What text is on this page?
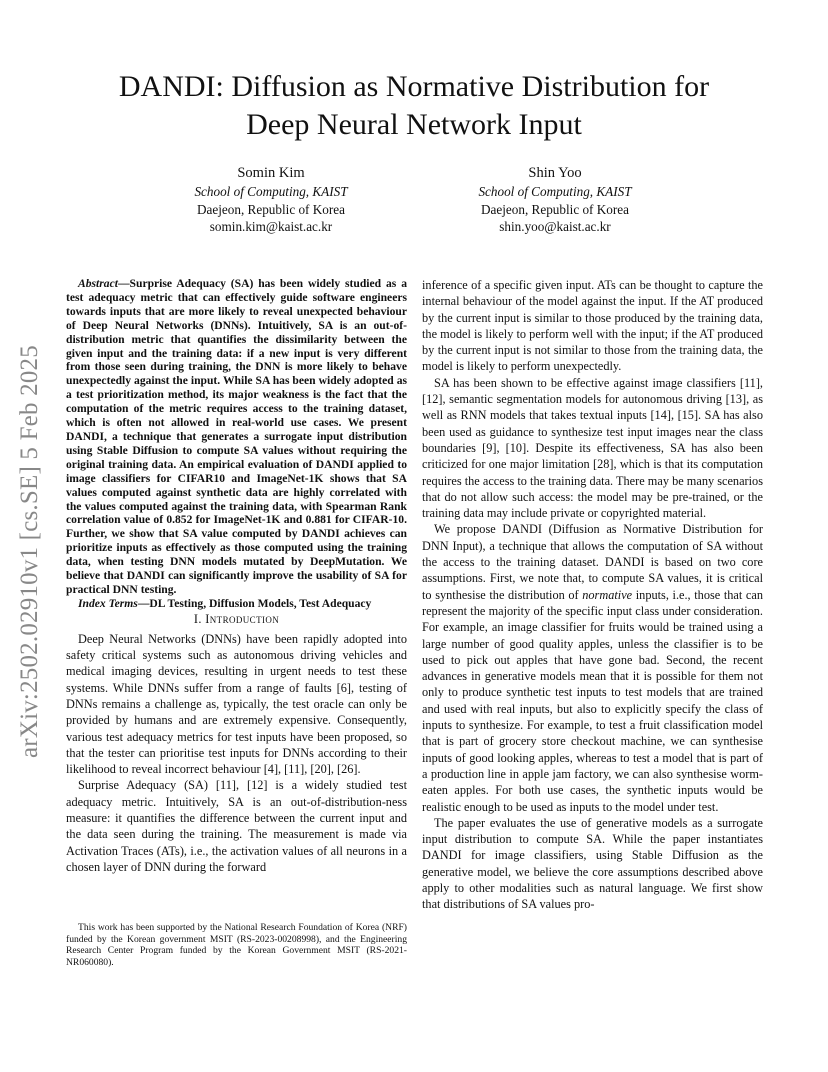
DANDI: Diffusion as Normative Distribution for
Deep Neural Network Input
Somin Kim
School of Computing, KAIST
Daejeon, Republic of Korea
somin.kim@kaist.ac.kr
Shin Yoo
School of Computing, KAIST
Daejeon, Republic of Korea
shin.yoo@kaist.ac.kr
arXiv:2502.02910v1 [cs.SE] 5 Feb 2025

Abstract—Surprise Adequacy (SA) has been widely studied as a test adequacy metric that can effectively guide software engineers towards inputs that are more likely to reveal unexpected behaviour of Deep Neural Networks (DNNs). Intuitively, SA is an out-of-distribution metric that quantifies the dissimilarity between the given input and the training data: if a new input is very different from those seen during training, the DNN is more likely to behave unexpectedly against the input. While SA has been widely adopted as a test prioritization method, its major weakness is the fact that the computation of the metric requires access to the training dataset, which is often not allowed in real-world use cases. We present DANDI, a technique that generates a surrogate input distribution using Stable Diffusion to compute SA values without requiring the original training data. An empirical evaluation of DANDI applied to image classifiers for CIFAR10 and ImageNet-1K shows that SA values computed against synthetic data are highly correlated with the values computed against the training data, with Spearman Rank correlation value of 0.852 for ImageNet-1K and 0.881 for CIFAR-10. Further, we show that SA value computed by DANDI achieves can prioritize inputs as effectively as those computed using the training data, when testing DNN models mutated by DeepMutation. We believe that DANDI can significantly improve the usability of SA for practical DNN testing.

Index Terms—DL Testing, Diffusion Models, Test Adequacy

I. Introduction

Deep Neural Networks (DNNs) have been rapidly adopted into safety critical systems such as autonomous driving vehicles and medical imaging devices, resulting in urgent needs to test these systems. While DNNs suffer from a range of faults [6], testing of DNNs remains a challenge as, typically, the test oracle can only be provided by humans and are extremely expensive. Consequently, various test adequacy metrics for test inputs have been proposed, so that the tester can prioritise test inputs for DNNs according to their likelihood to reveal incorrect behaviour [4], [11], [20], [26].

Surprise Adequacy (SA) [11], [12] is a widely studied test adequacy metric. Intuitively, SA is an out-of-distribution-ness measure: it quantifies the difference between the current input and the data seen during the training. The measurement is made via Activation Traces (ATs), i.e., the activation values of all neurons in a chosen layer of DNN during the forward

This work has been supported by the National Research Foundation of Korea (NRF) funded by the Korean government MSIT (RS-2023-00208998), and the Engineering Research Center Program funded by the Korean Government MSIT (RS-2021-NR060080).

inference of a specific given input. ATs can be thought to capture the internal behaviour of the model against the input. If the AT produced by the current input is similar to those produced by the training data, the model is likely to perform well with the input; if the AT produced by the current input is not similar to those from the training data, the model is likely to perform unexpectedly.

SA has been shown to be effective against image classifiers [11], [12], semantic segmentation models for autonomous driving [13], as well as RNN models that takes textual inputs [14], [15]. SA has also been used as guidance to synthesize test input images near the class boundaries [9], [10]. Despite its effectiveness, SA has also been criticized for one major limitation [28], which is that its computation requires the access to the training data. There may be many scenarios that do not allow such access: the model may be pre-trained, or the training data may include private or copyrighted material.

We propose DANDI (Diffusion as Normative Distribution for DNN Input), a technique that allows the computation of SA without the access to the training dataset. DANDI is based on two core assumptions. First, we note that, to compute SA values, it is critical to synthesise the distribution of normative inputs, i.e., those that can represent the majority of the specific input class under consideration. For example, an image classifier for fruits would be trained using a large number of good quality apples, unless the classifier is to be used to pick out apples that have gone bad. Second, the recent advances in generative models mean that it is possible for them not only to produce synthetic test inputs to test models that are trained and used with real inputs, but also to explicitly specify the class of inputs to synthesize. For example, to test a fruit classification model that is part of grocery store checkout machine, we can synthesise inputs of good looking apples, whereas to test a model that is part of a production line in apple jam factory, we can also synthesise worm-eaten apples. For both use cases, the synthetic inputs would be realistic enough to be used as inputs to the model under test.

The paper evaluates the use of generative models as a surrogate input distribution to compute SA. While the paper instantiates DANDI for image classifiers, using Stable Diffusion as the generative model, we believe the core assumptions described above apply to other modalities such as natural language. We first show that distributions of SA values pro-
